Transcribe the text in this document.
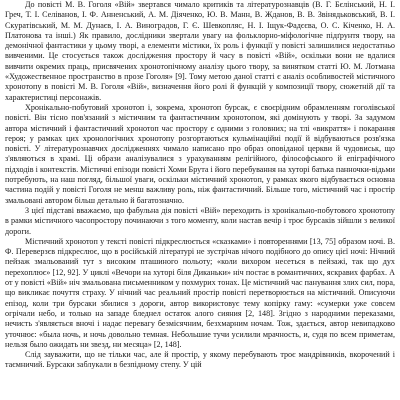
До повісті М. В. Гоголя «Вій» звертався чимало критиків та літературознавців (В. Г. Бєлінський, Н. І. Греч, Т. І. Селіванов, І. Ф. Анненський, А. М. Діяченко, Ю. В. Манн, В. Жданов, В. В. Звінядьковський, В. І. Скуратівський, М. М. Дунаєв, І. А. Виноградов, Г. Є. Шевкопляс, Н. І. Іщук-Фадєєва, О. С. Кіченко, Н. А. Платонова та інші.) Як правило, дослідники звертали увагу на фольклорно-міфологічне підґрунтя твору, на демонічної фантастики у цьому творі, а елементи містики, їх роль і функції у повісті залишилися недостатньо вивченими. Це стосується також дослідження простору й часу в повісті «Вій», оскільки вони не вдалися вивчити окремих праць, присвячених хронотопічному аналізу цього твору, за винятком статті Ю. М. Лотмана «Художественное пространство в прозе Гоголя» [9]. Тому метою даної статті є аналіз особливостей містичного хронотопу в повісті М. В. Гоголя «Вій», визначення його ролі й функцій у композиції твору, сюжетній дії та характеристиці персонажів.

Хронікально-побутовий хронотоп і, зокрема, хронотоп бурсак, є своєрідним обрамленням гоголівської повісті. Він тісно пов'язаний з містичним та фантастичним хронотопом, які домінують у творі. За задумом автора містичний і фантастичний хронотоп час простору є одними з головних; на тлі «викраття» і покарання героя; у рамках цих хронологічних хронотопу розгортаються кульмінаційні події й відбуваються розв'язка повісті. У літературознавчих дослідженнях чимало написано про образ оповіданої церкви й чудовиськ, що з'являються в храмі. Ці образи аналізувалися з урахуванням релігійного, філософського й епіграфічного підходів і контекстів. Містичні епізоди повісті Хоми Брута і його перебування на хуторі батька панночки-відьми потребують, на наш погляд, більшої уваги, оскільки містичний хронотоп, у рамках якого відбувається основна частина подій у повісті Гоголя не менш важливу роль, ніж фантастичний. Більше того, містичний час і простір змальовані автором більш детально й багатозначно.

З цієї підставі вважаємо, що фабульна дія повісті «Вій» переходить із хронікально-побутового хронотопу в рамки містичного часопростору починаючи з того моменту, коли настав вечір і троє бурсаків зійшли з великої дороги.

Містичний хронотоп у тексті повісті підкреслюється «сказками» і повтореннями [13, 75] образом ночі. В. Ф. Переверзєв підкреслює, що в російській літературі не зустрічав нічого подібного до опису цієї ночі: Нічний пейзаж змальований тут з високим пташиного польоту; «коли вихором несеться в пейзажі, так що дух перехоплює» [12, 92]. У циклі «Вечори на хуторі біля Диканьки» ніч постає в романтичних, яскравих фарбах. А от у повісті «Вій» ніч змальована письменником у похмурих тонах. Це містичний час панування злих сил, пора, що викликає почуття страху. У нічний час реальний простір повісті перетворюється на містичний. Описуючи епізод, коли три бурсаки збилися з дороги, автор використовує тему копірку гаму: «сумерки уже совсем огрічали небо, и только на западе бледнел остаток алого сияния [2, 148]. Згідно з народними переказами, нечисть з'являється вночі і надає перевагу безмісячним, безхмарним ночам. Тож, здається, автор невипадково уточнює: «была ночь, и ночь довольно темная. Небольшие тучи усилили мрачность, и, судя по всем приметам, нельзя было ожидать ни звезд, ни месяца» [2, 148].

Слід зауважити, що не тільки час, але й простір, у якому перебувають троє мандрівників, вкорочений і таємничий. Бурсаки заблукали в безпідному степу. У цій
